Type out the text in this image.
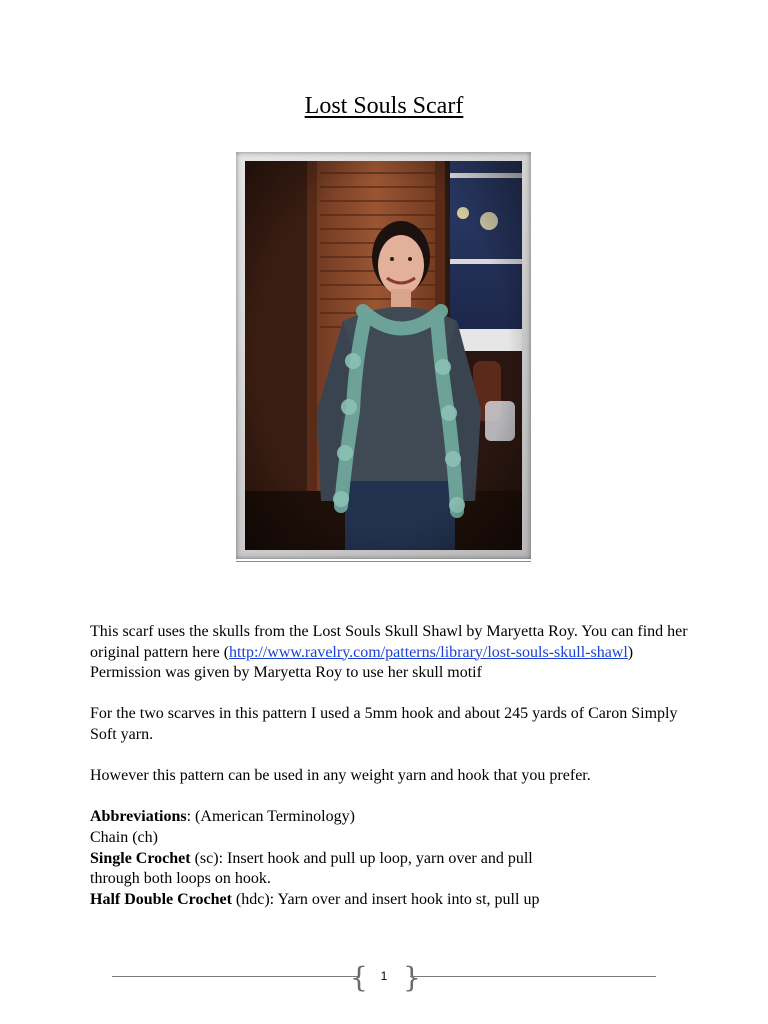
Lost Souls Scarf

This scarf uses the skulls from the Lost Souls Skull Shawl by Maryetta Roy. You can find her original pattern here (http://www.ravelry.com/patterns/library/lost-souls-skull-shawl) Permission was given by Maryetta Roy to use her skull motif

For the two scarves in this pattern I used a 5mm hook and about 245 yards of Caron Simply Soft yarn.

However this pattern can be used in any weight yarn and hook that you prefer.

Abbreviations: (American Terminology)

Chain (ch)

Single Crochet (sc): Insert hook and pull up loop, yarn over and pull through both loops on hook.

Half Double Crochet (hdc): Yarn over and insert hook into st, pull up

{	1 }
